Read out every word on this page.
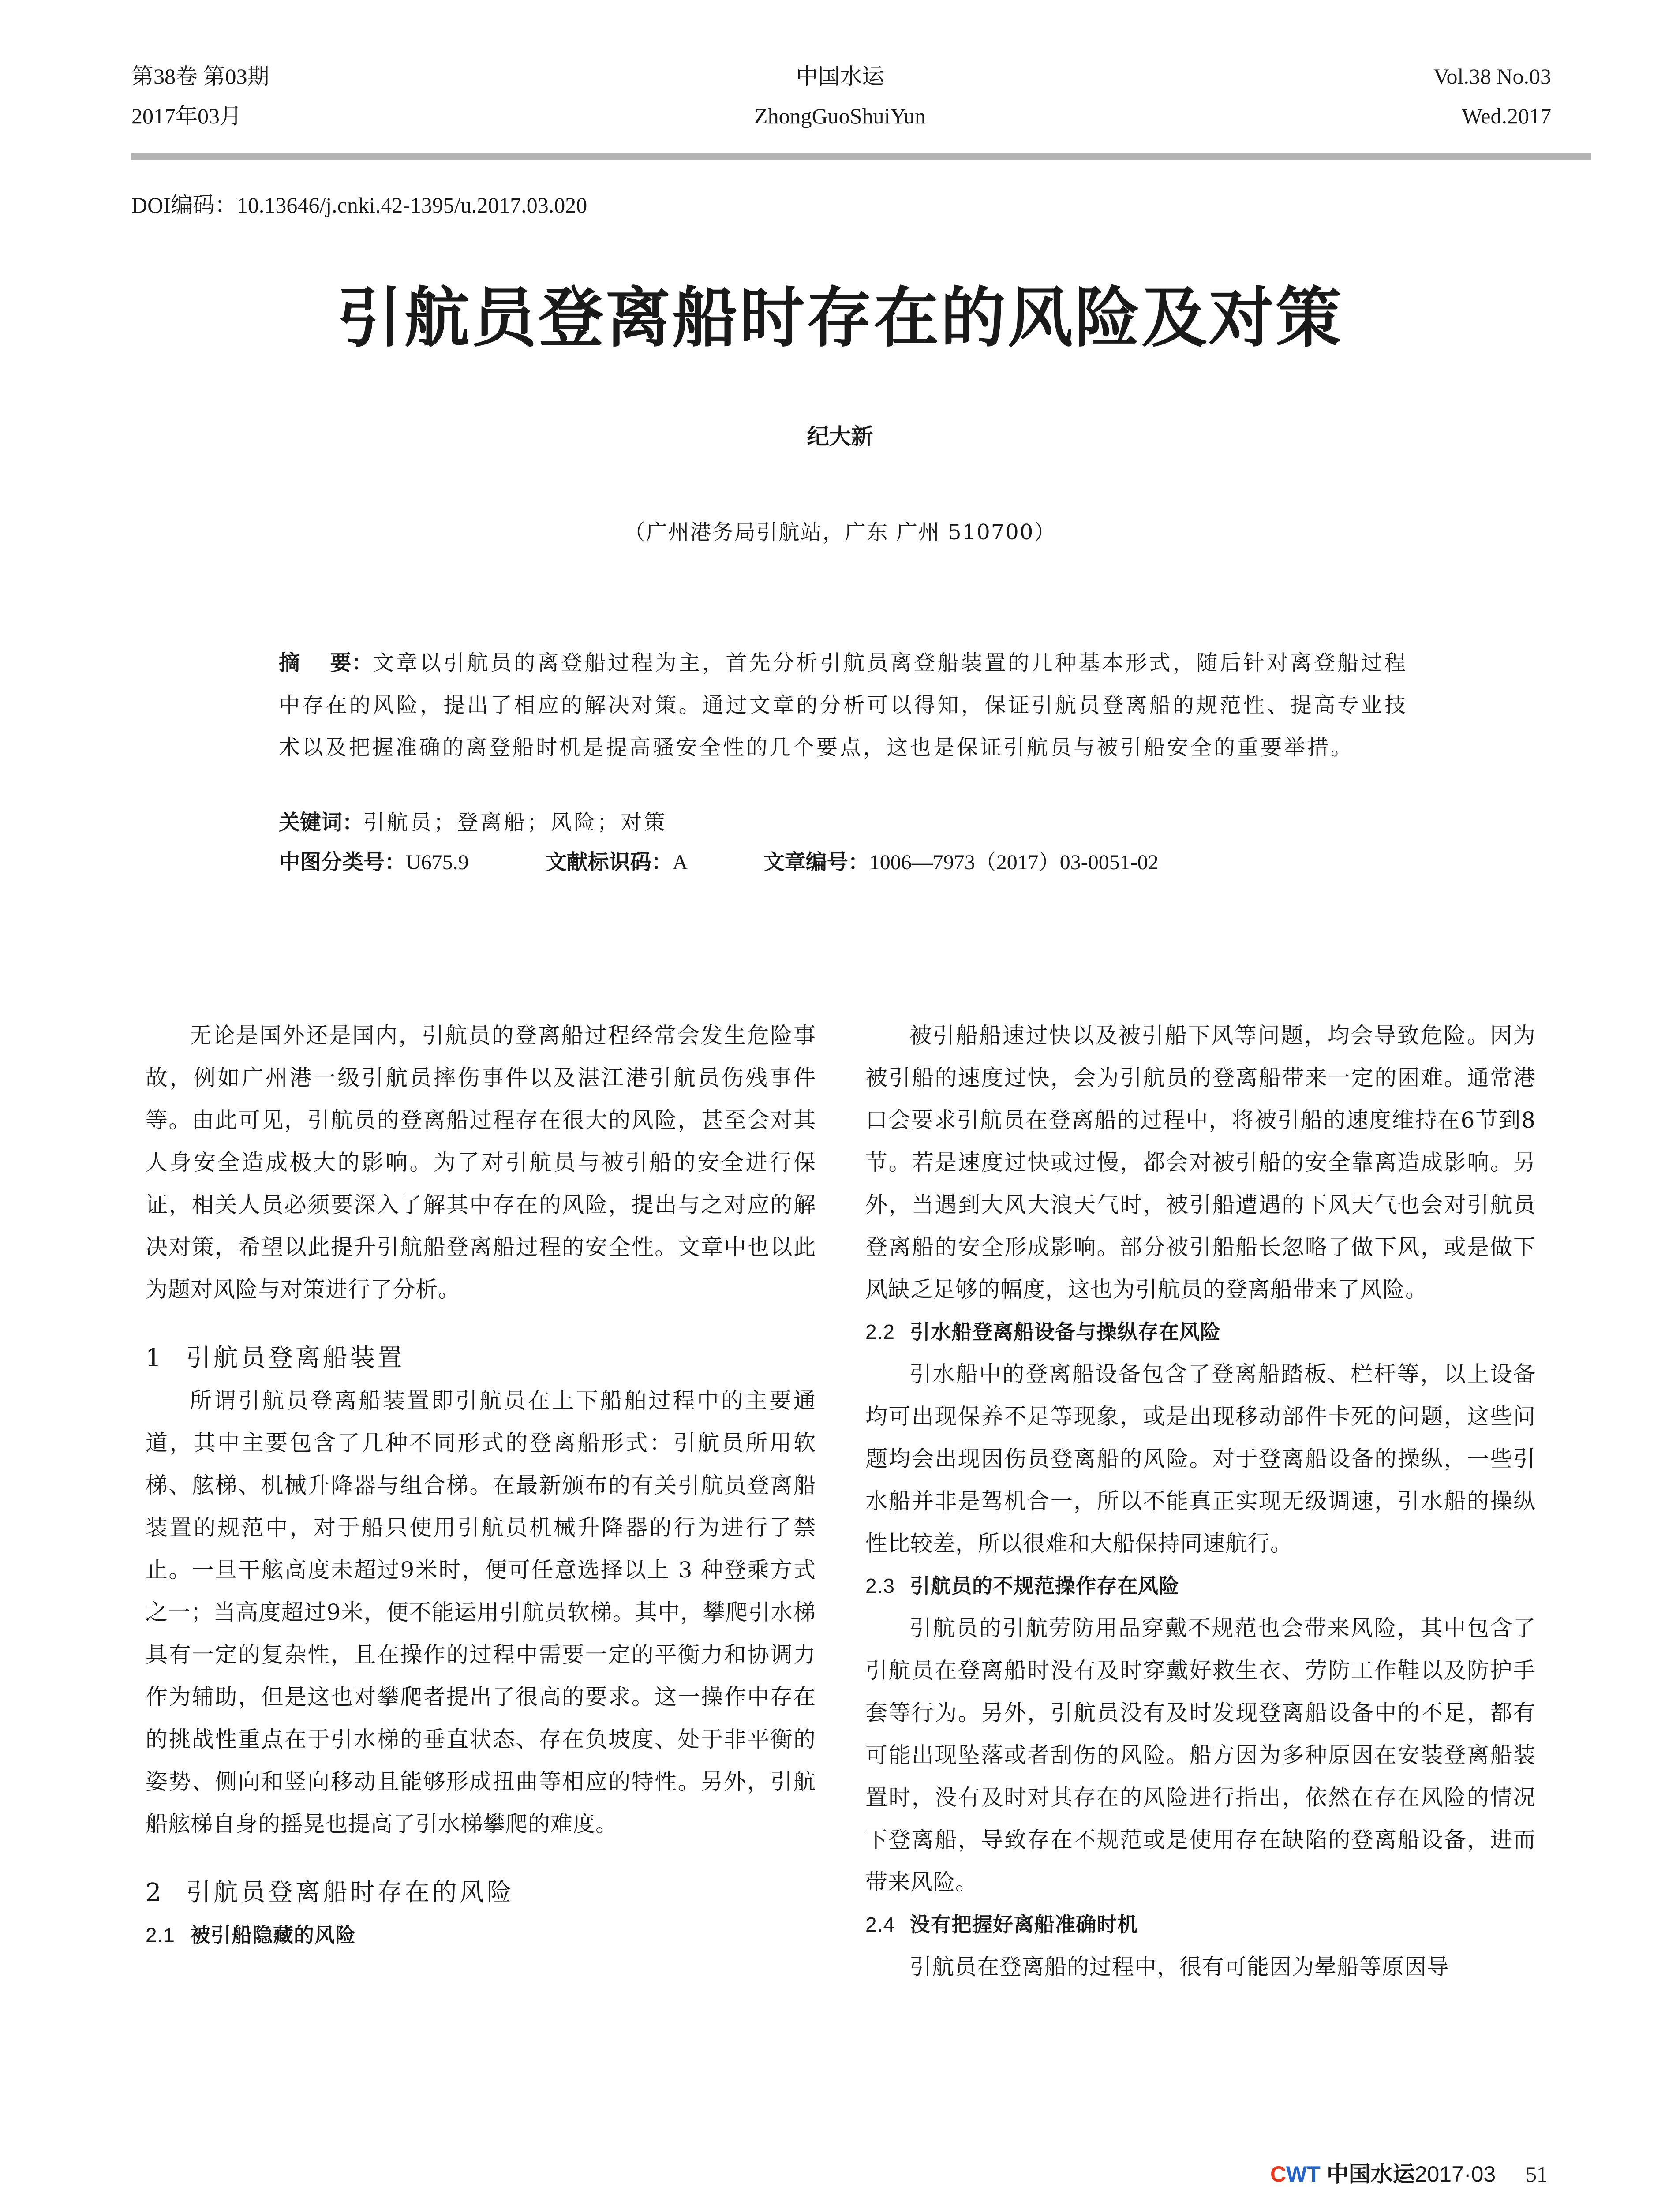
第38卷 第03期
2017年03月
中国水运
ZhongGuoShuiYun
Vol.38 No.03
Wed.2017
DOI编码：10.13646/j.cnki.42-1395/u.2017.03.020
引航员登离船时存在的风险及对策
纪大新
（广州港务局引航站，广东 广州 510700）
摘    要：文章以引航员的离登船过程为主，首先分析引航员离登船装置的几种基本形式，随后针对离登船过程中存在的风险，提出了相应的解决对策。通过文章的分析可以得知，保证引航员登离船的规范性、提高专业技术以及把握准确的离登船时机是提高骚安全性的几个要点，这也是保证引航员与被引船安全的重要举措。
关键词：引航员；登离船；风险；对策
中图分类号：U675.9	文献标识码：A	文章编号：1006—7973（2017）03-0051-02

无论是国外还是国内，引航员的登离船过程经常会发生危险事故，例如广州港一级引航员摔伤事件以及湛江港引航员伤残事件等。由此可见，引航员的登离船过程存在很大的风险，甚至会对其人身安全造成极大的影响。为了对引航员与被引船的安全进行保证，相关人员必须要深入了解其中存在的风险，提出与之对应的解决对策，希望以此提升引航船登离船过程的安全性。文章中也以此为题对风险与对策进行了分析。

1 引航员登离船装置

所谓引航员登离船装置即引航员在上下船舶过程中的主要通道，其中主要包含了几种不同形式的登离船形式：引航员所用软梯、舷梯、机械升降器与组合梯。在最新颁布的有关引航员登离船装置的规范中，对于船只使用引航员机械升降器的行为进行了禁止。一旦干舷高度未超过9米时，便可任意选择以上 3 种登乘方式之一；当高度超过9米，便不能运用引航员软梯。其中，攀爬引水梯具有一定的复杂性，且在操作的过程中需要一定的平衡力和协调力作为辅助，但是这也对攀爬者提出了很高的要求。这一操作中存在的挑战性重点在于引水梯的垂直状态、存在负坡度、处于非平衡的姿势、侧向和竖向移动且能够形成扭曲等相应的特性。另外，引航船舷梯自身的摇晃也提高了引水梯攀爬的难度。

2 引航员登离船时存在的风险
2.1 被引船隐藏的风险

被引船船速过快以及被引船下风等问题，均会导致危险。因为被引船的速度过快，会为引航员的登离船带来一定的困难。通常港口会要求引航员在登离船的过程中，将被引船的速度维持在6节到8节。若是速度过快或过慢，都会对被引船的安全靠离造成影响。另外，当遇到大风大浪天气时，被引船遭遇的下风天气也会对引航员登离船的安全形成影响。部分被引船船长忽略了做下风，或是做下风缺乏足够的幅度，这也为引航员的登离船带来了风险。

2.2 引水船登离船设备与操纵存在风险

引水船中的登离船设备包含了登离船踏板、栏杆等，以上设备均可出现保养不足等现象，或是出现移动部件卡死的问题，这些问题均会出现因伤员登离船的风险。对于登离船设备的操纵，一些引水船并非是驾机合一，所以不能真正实现无级调速，引水船的操纵性比较差，所以很难和大船保持同速航行。

2.3 引航员的不规范操作存在风险

引航员的引航劳防用品穿戴不规范也会带来风险，其中包含了引航员在登离船时没有及时穿戴好救生衣、劳防工作鞋以及防护手套等行为。另外，引航员没有及时发现登离船设备中的不足，都有可能出现坠落或者刮伤的风险。船方因为多种原因在安装登离船装置时，没有及时对其存在的风险进行指出，依然在存在风险的情况下登离船，导致存在不规范或是使用存在缺陷的登离船设备，进而带来风险。

2.4 没有把握好离船准确时机

引航员在登离船的过程中，很有可能因为晕船等原因导

CWT 中国水运2017·03 51
